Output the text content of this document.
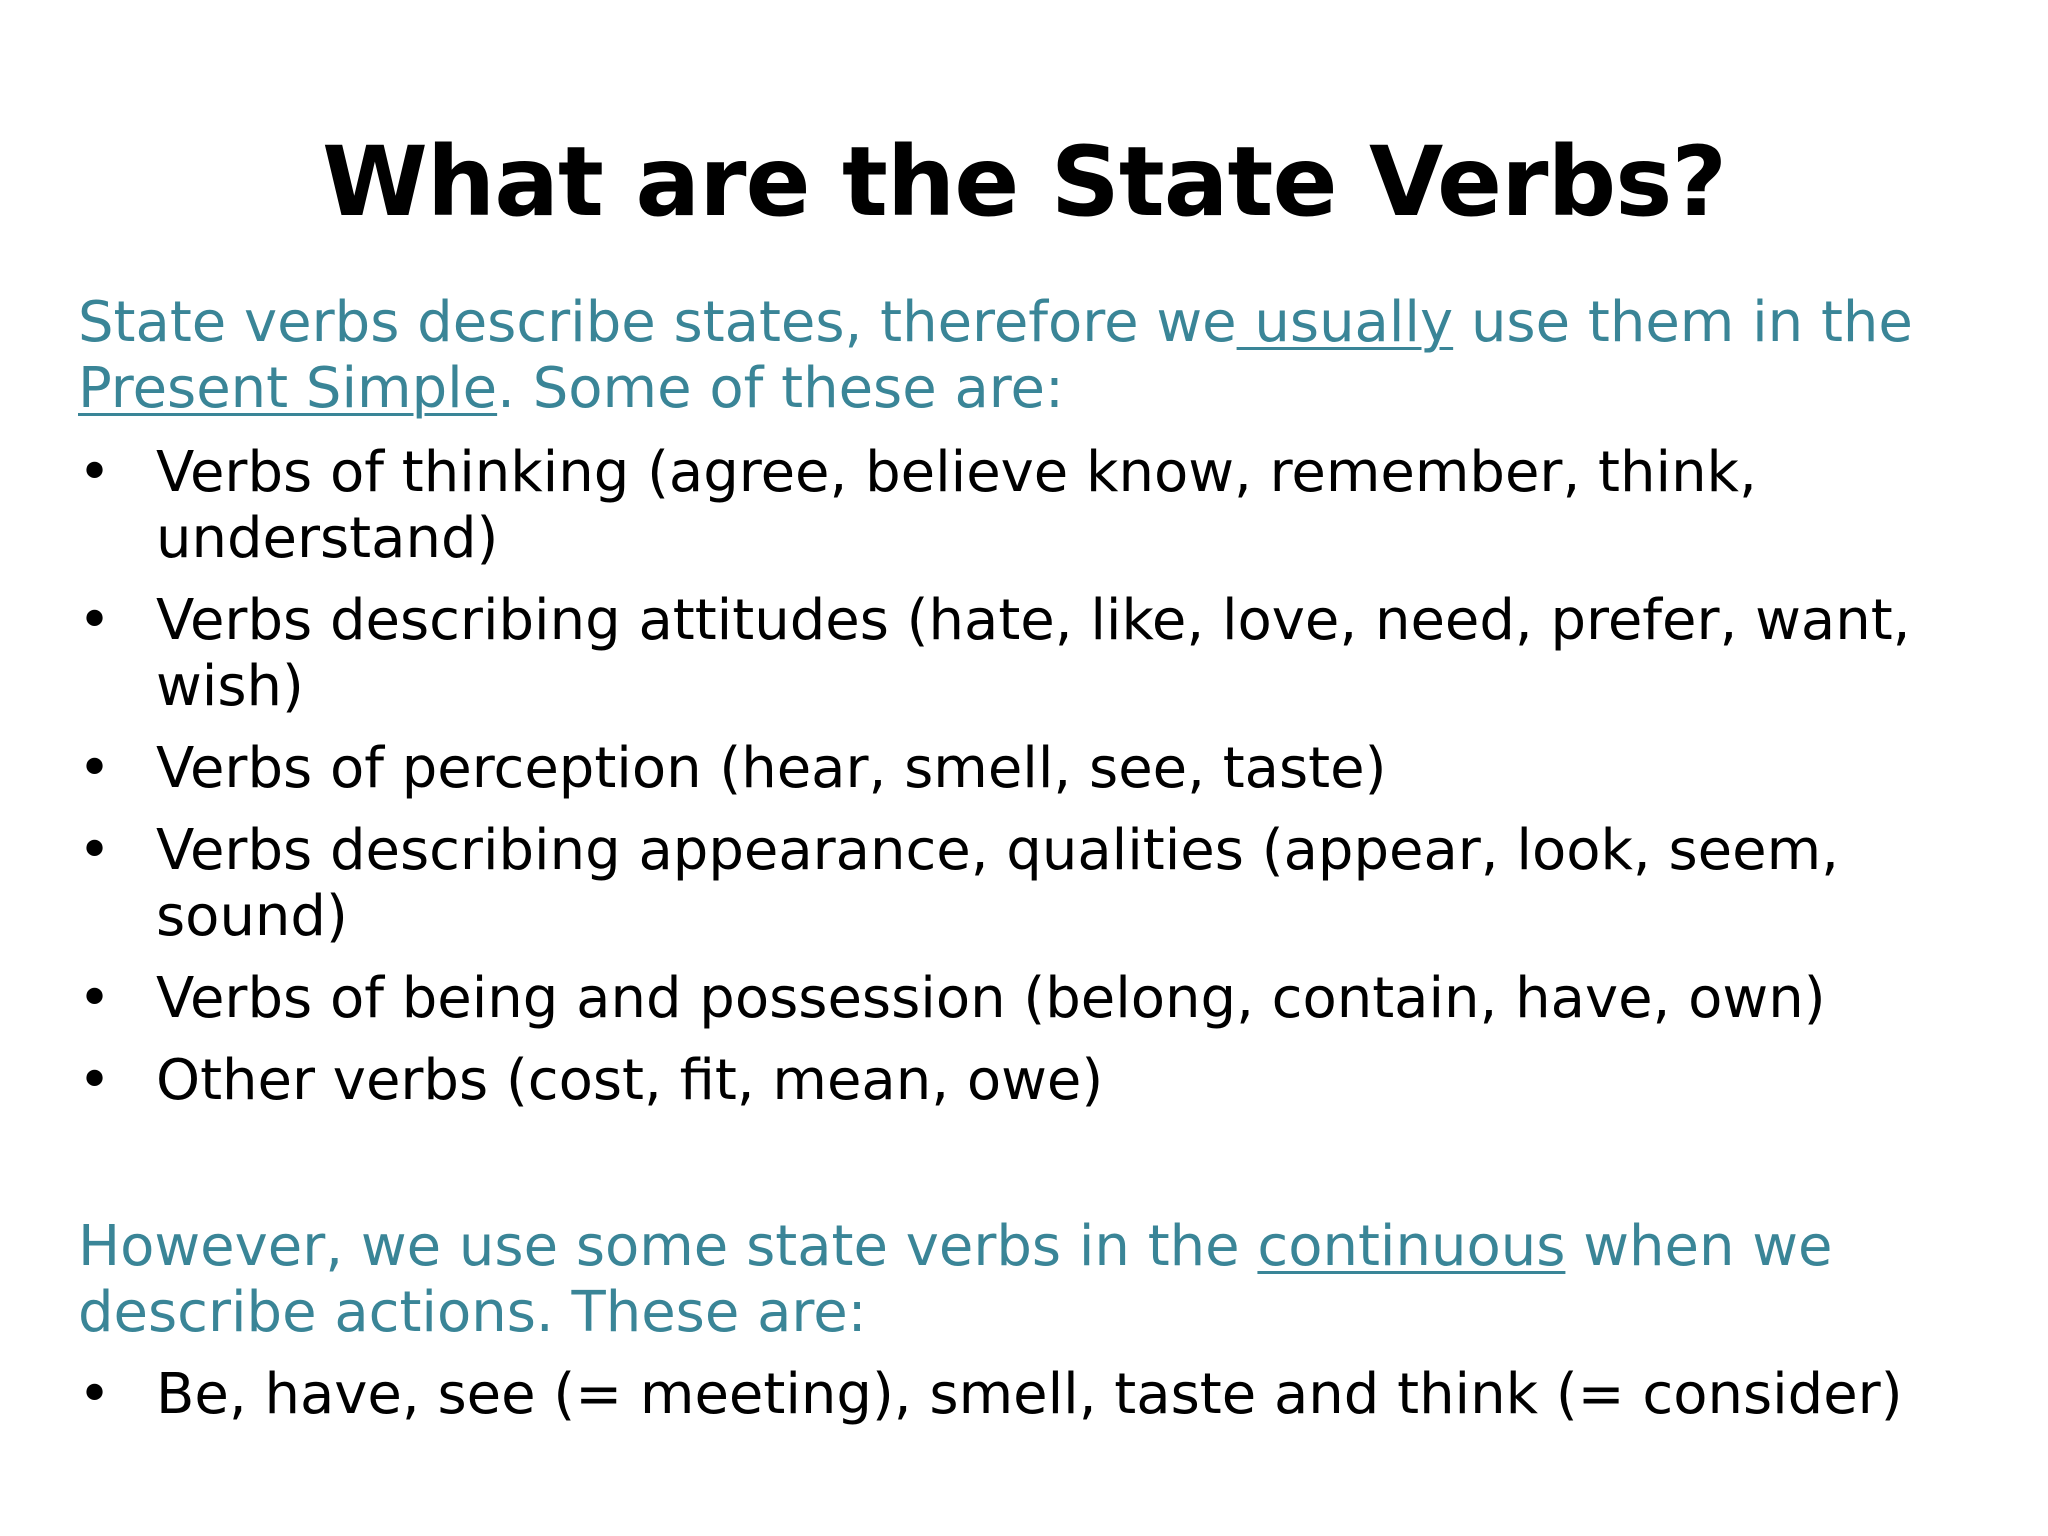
What are the State Verbs?

State verbs describe states, therefore we usually use them in the
Present Simple. Some of these are:

• Verbs of thinking (agree, believe know, remember, think, understand)
• Verbs describing attitudes (hate, like, love, need, prefer, want, wish)
• Verbs of perception (hear, smell, see, taste)
• Verbs describing appearance, qualities (appear, look, seem, sound)
• Verbs of being and possession (belong, contain, have, own)
• Other verbs (cost, fit, mean, owe)

However, we use some state verbs in the continuous when we describe actions. These are:

• Be, have, see (= meeting), smell, taste and think (= consider)
